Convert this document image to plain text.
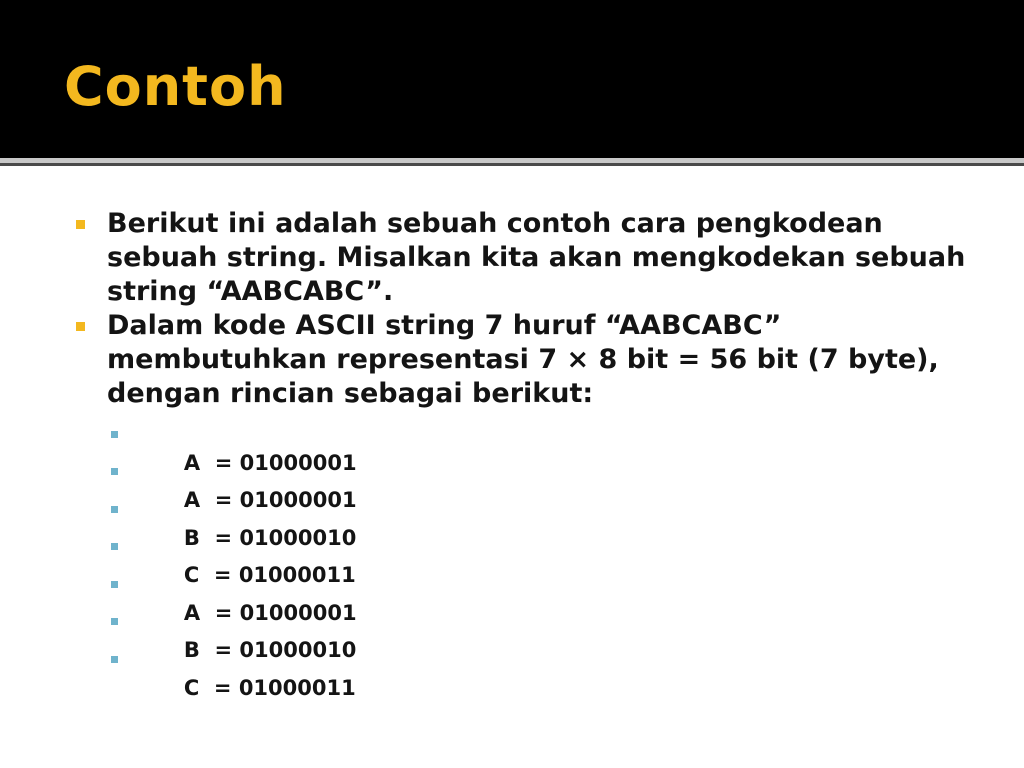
Contoh
Berikut ini adalah sebuah contoh cara pengkodean sebuah string. Misalkan kita akan mengkodekan sebuah string “AABCABC”.
Dalam kode ASCII string 7 huruf “AABCABC” membutuhkan representasi 7 × 8 bit = 56 bit (7 byte), dengan rincian sebagai berikut:

A  = 01000001

A  = 01000001

B  = 01000010

C  = 01000011

A  = 01000001

B  = 01000010

C  = 01000011
